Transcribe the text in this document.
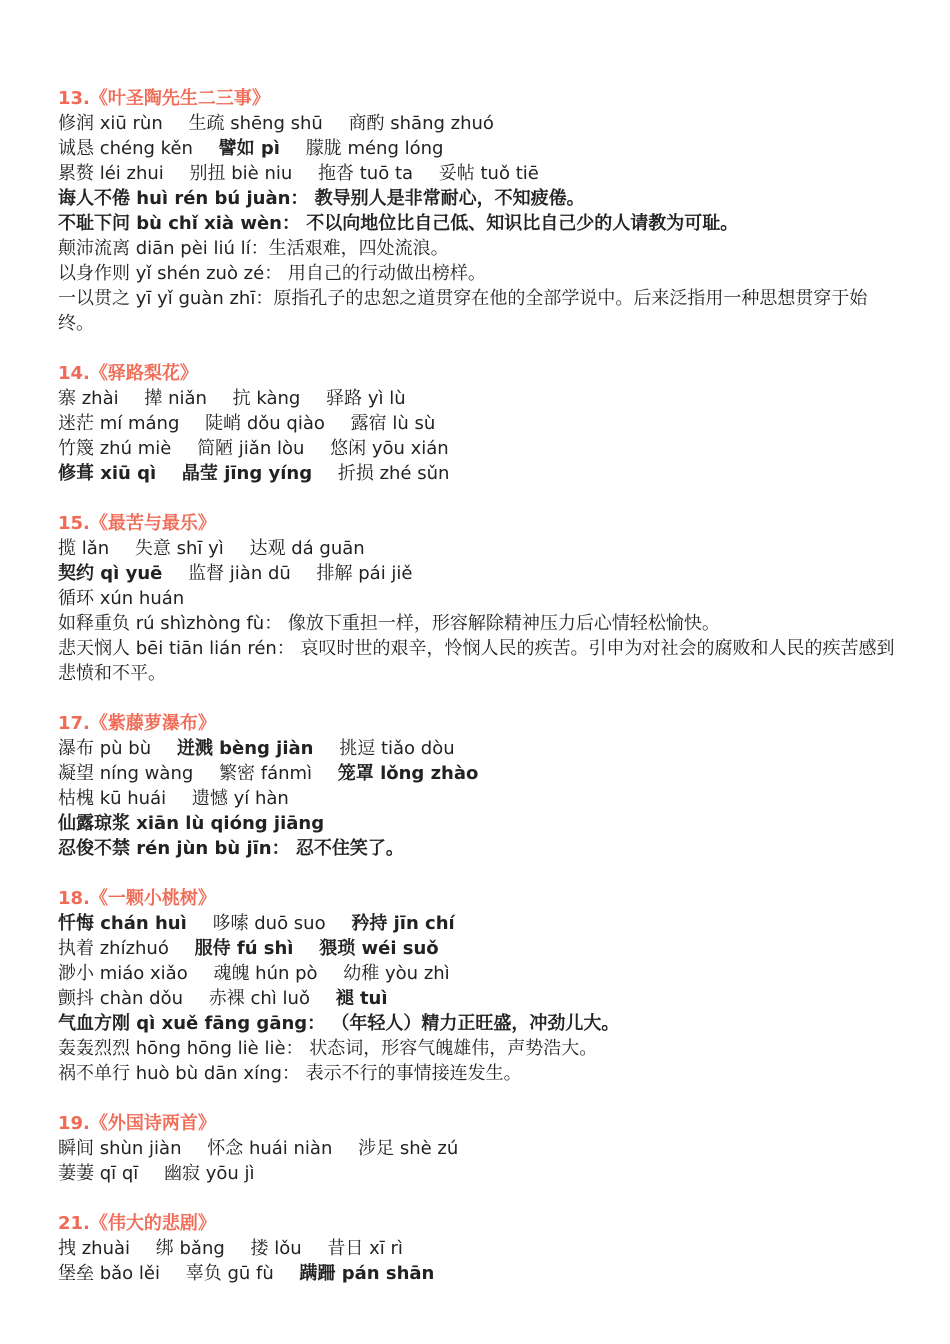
13.《叶圣陶先生二三事》
修润 xiū rùn 生疏 shēng shū 商酌 shāng zhuó
诚恳 chéng kěn 譬如 pì 朦胧 méng lóng
累赘 léi zhui 别扭 biè niu 拖沓 tuō ta 妥帖 tuǒ tiē
诲人不倦 huì rén bú juàn： 教导别人是非常耐心，不知疲倦。
不耻下问 bù chǐ xià wèn： 不以向地位比自己低、知识比自己少的人请教为可耻。
颠沛流离 diān pèi liú lí：生活艰难，四处流浪。
以身作则 yǐ shén zuò zé： 用自己的行动做出榜样。
一以贯之 yī yǐ guàn zhī：原指孔子的忠恕之道贯穿在他的全部学说中。后来泛指用一种思想贯穿于始终。
14.《驿路梨花》
寨 zhài 撵 niǎn 抗 kàng 驿路 yì lù
迷茫 mí máng 陡峭 dǒu qiào 露宿 lù sù
竹篾 zhú miè 简陋 jiǎn lòu 悠闲 yōu xián
修葺 xiū qì 晶莹 jīng yíng 折损 zhé sǔn
15.《最苦与最乐》
揽 lǎn 失意 shī yì 达观 dá guān
契约 qì yuē 监督 jiàn dū 排解 pái jiě
循环 xún huán
如释重负 rú shìzhòng fù： 像放下重担一样，形容解除精神压力后心情轻松愉快。
悲天悯人 bēi tiān lián rén： 哀叹时世的艰辛，怜悯人民的疾苦。引申为对社会的腐败和人民的疾苦感到悲愤和不平。
17.《紫藤萝瀑布》
瀑布 pù bù 迸溅 bèng jiàn 挑逗 tiǎo dòu
凝望 níng wàng 繁密 fánmì 笼罩 lǒng zhào
枯槐 kū huái 遗憾 yí hàn
仙露琼浆 xiān lù qióng jiāng
忍俊不禁 rén jùn bù jīn： 忍不住笑了。
18.《一颗小桃树》
忏悔 chán huì 哆嗦 duō suo 矜持 jīn chí
执着 zhízhuó 服侍 fú shì 猥琐 wéi suǒ
渺小 miáo xiǎo 魂魄 hún pò 幼稚 yòu zhì
颤抖 chàn dǒu 赤裸 chì luǒ 褪 tuì
气血方刚 qì xuě fāng gāng： （年轻人）精力正旺盛，冲劲儿大。
轰轰烈烈 hōng hōng liè liè： 状态词，形容气魄雄伟，声势浩大。
祸不单行 huò bù dān xíng： 表示不行的事情接连发生。
19.《外国诗两首》
瞬间 shùn jiàn 怀念 huái niàn 涉足 shè zú
萋萋 qī qī 幽寂 yōu jì
21.《伟大的悲剧》
拽 zhuài 绑 bǎng 搂 lǒu 昔日 xī rì
堡垒 bǎo lěi 辜负 gū fù 蹒跚 pán shān
